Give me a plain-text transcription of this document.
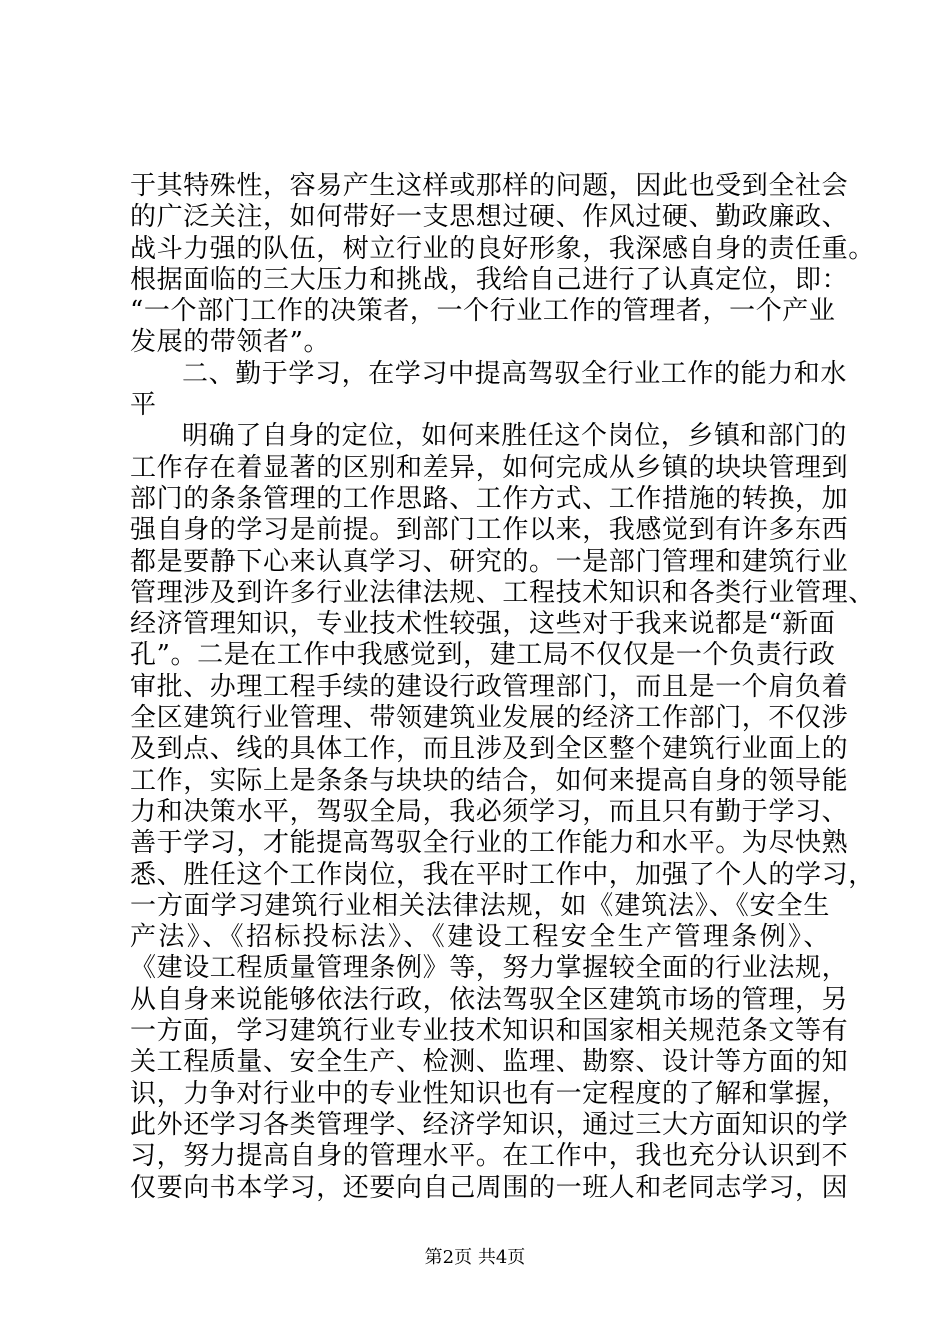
于其特殊性，容易产生这样或那样的问题，因此也受到全社会
的广泛关注，如何带好一支思想过硬、作风过硬、勤政廉政、
战斗力强的队伍，树立行业的良好形象，我深感自身的责任重。
根据面临的三大压力和挑战，我给自己进行了认真定位，即：
“一个部门工作的决策者，一个行业工作的管理者，一个产业
发展的带领者”。
二、勤于学习，在学习中提高驾驭全行业工作的能力和水
平
明确了自身的定位，如何来胜任这个岗位，乡镇和部门的
工作存在着显著的区别和差异，如何完成从乡镇的块块管理到
部门的条条管理的工作思路、工作方式、工作措施的转换，加
强自身的学习是前提。到部门工作以来，我感觉到有许多东西
都是要静下心来认真学习、研究的。一是部门管理和建筑行业
管理涉及到许多行业法律法规、工程技术知识和各类行业管理、
经济管理知识，专业技术性较强，这些对于我来说都是“新面
孔”。二是在工作中我感觉到，建工局不仅仅是一个负责行政
审批、办理工程手续的建设行政管理部门，而且是一个肩负着
全区建筑行业管理、带领建筑业发展的经济工作部门，不仅涉
及到点、线的具体工作，而且涉及到全区整个建筑行业面上的
工作，实际上是条条与块块的结合，如何来提高自身的领导能
力和决策水平，驾驭全局，我必须学习，而且只有勤于学习、
善于学习，才能提高驾驭全行业的工作能力和水平。为尽快熟
悉、胜任这个工作岗位，我在平时工作中，加强了个人的学习，
一方面学习建筑行业相关法律法规，如《建筑法》、《安全生
产法》、《招标投标法》、《建设工程安全生产管理条例》、
《建设工程质量管理条例》等，努力掌握较全面的行业法规，
从自身来说能够依法行政，依法驾驭全区建筑市场的管理，另
一方面，学习建筑行业专业技术知识和国家相关规范条文等有
关工程质量、安全生产、检测、监理、勘察、设计等方面的知
识，力争对行业中的专业性知识也有一定程度的了解和掌握，
此外还学习各类管理学、经济学知识，通过三大方面知识的学
习，努力提高自身的管理水平。在工作中，我也充分认识到不
仅要向书本学习，还要向自己周围的一班人和老同志学习，因
第2页 共4页
